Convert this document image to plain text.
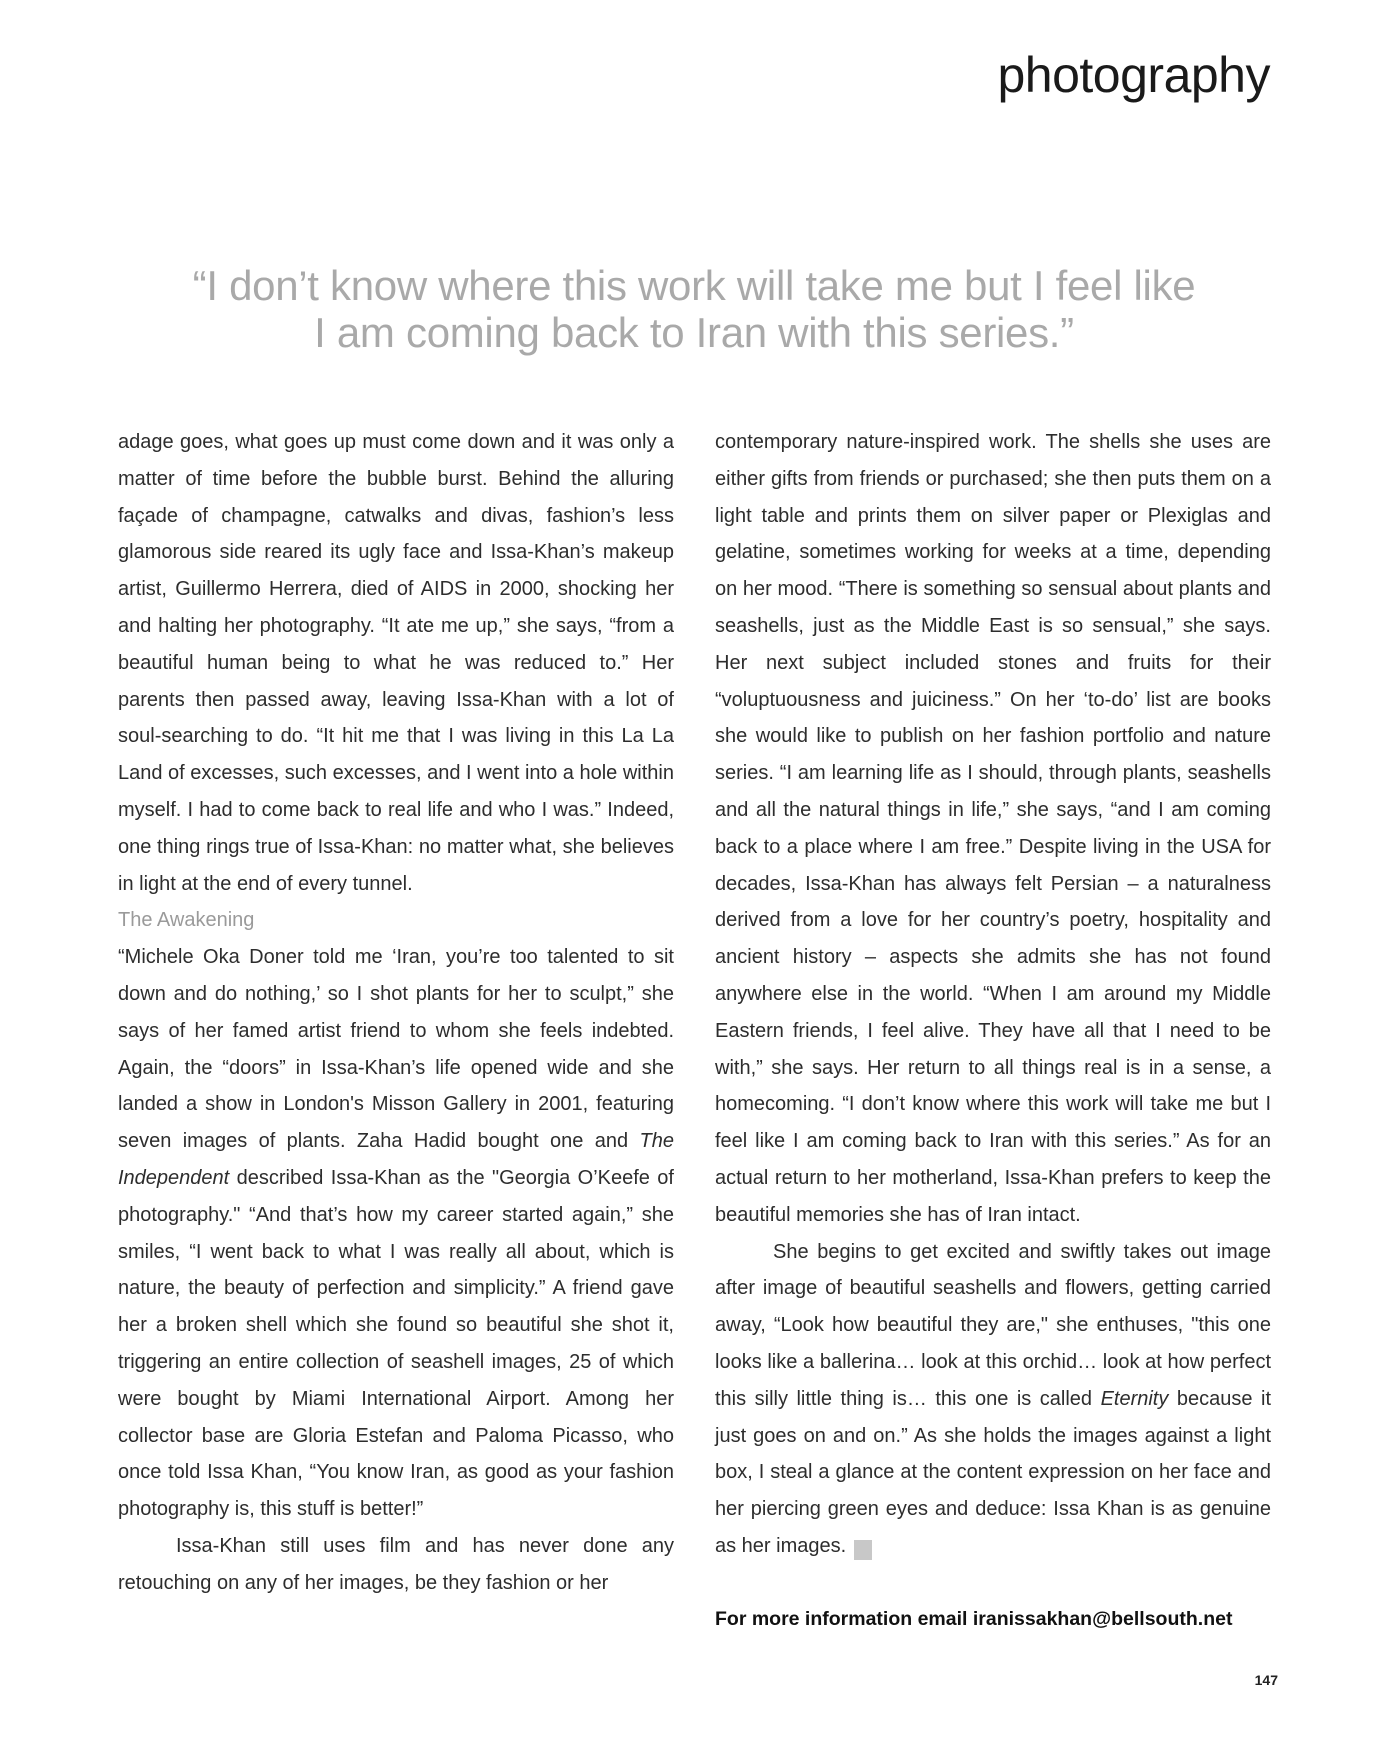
photography
“I don’t know where this work will take me but I feel like
I am coming back to Iran with this series.”

adage goes, what goes up must come down and it was only a matter of time before the bubble burst. Behind the alluring façade of champagne, catwalks and divas, fashion’s less glamorous side reared its ugly face and Issa-Khan’s makeup artist, Guillermo Herrera, died of AIDS in 2000, shocking her and halting her photography. “It ate me up,” she says, “from a beautiful human being to what he was reduced to.” Her parents then passed away, leaving Issa-Khan with a lot of soul-searching to do. “It hit me that I was living in this La La Land of excesses, such excesses, and I went into a hole within myself. I had to come back to real life and who I was.” Indeed, one thing rings true of Issa-Khan: no matter what, she believes in light at the end of every tunnel.

The Awakening

“Michele Oka Doner told me ‘Iran, you’re too talented to sit down and do nothing,’ so I shot plants for her to sculpt,” she says of her famed artist friend to whom she feels indebted. Again, the “doors” in Issa-Khan’s life opened wide and she landed a show in London's Misson Gallery in 2001, featuring seven images of plants. Zaha Hadid bought one and The Independent described Issa-Khan as the "Georgia O’Keefe of photography." “And that’s how my career started again,” she smiles, “I went back to what I was really all about, which is nature, the beauty of perfection and simplicity.” A friend gave her a broken shell which she found so beautiful she shot it, triggering an entire collection of seashell images, 25 of which were bought by Miami International Airport. Among her collector base are Gloria Estefan and Paloma Picasso, who once told Issa Khan, “You know Iran, as good as your fashion photography is, this stuff is better!”

Issa-Khan still uses film and has never done any retouching on any of her images, be they fashion or her

contemporary nature-inspired work. The shells she uses are either gifts from friends or purchased; she then puts them on a light table and prints them on silver paper or Plexiglas and gelatine, sometimes working for weeks at a time, depending on her mood. “There is something so sensual about plants and seashells, just as the Middle East is so sensual,” she says. Her next subject included stones and fruits for their “voluptuousness and juiciness.” On her ‘to-do’ list are books she would like to publish on her fashion portfolio and nature series. “I am learning life as I should, through plants, seashells and all the natural things in life,” she says, “and I am coming back to a place where I am free.” Despite living in the USA for decades, Issa-Khan has always felt Persian – a naturalness derived from a love for her country’s poetry, hospitality and ancient history – aspects she admits she has not found anywhere else in the world. “When I am around my Middle Eastern friends, I feel alive. They have all that I need to be with,” she says. Her return to all things real is in a sense, a homecoming. “I don’t know where this work will take me but I feel like I am coming back to Iran with this series.” As for an actual return to her motherland, Issa-Khan prefers to keep the beautiful memories she has of Iran intact.

She begins to get excited and swiftly takes out image after image of beautiful seashells and flowers, getting carried away, “Look how beautiful they are," she enthuses, "this one looks like a ballerina… look at this orchid… look at how perfect this silly little thing is… this one is called Eternity because it just goes on and on.” As she holds the images against a light box, I steal a glance at the content expression on her face and her piercing green eyes and deduce: Issa Khan is as genuine as her images.	C

For more information email iranissakhan@bellsouth.net

147
